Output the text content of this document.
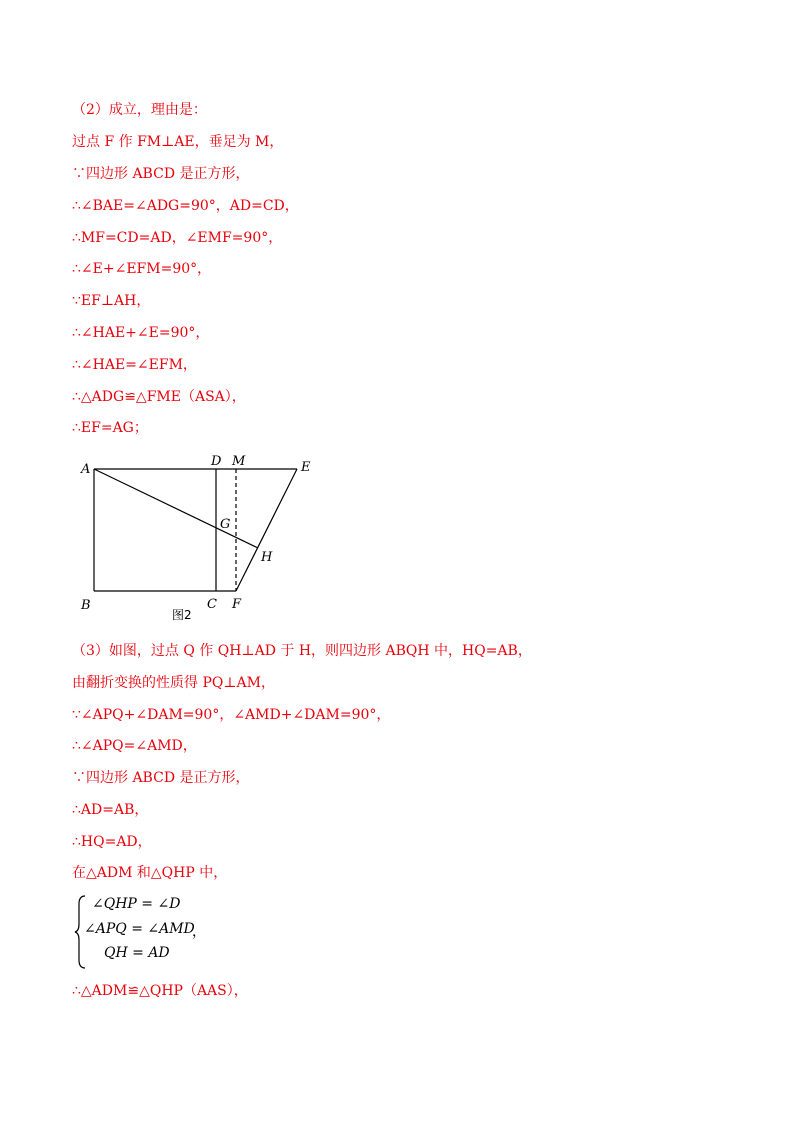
（2）成立，理由是：
过点 F 作 FM⊥AE，垂足为 M，
∵四边形 ABCD 是正方形，
∴∠BAE=∠ADG=90°，AD=CD，
∴MF=CD=AD，∠EMF=90°，
∴∠E+∠EFM=90°，
∵EF⊥AH，
∴∠HAE+∠E=90°，
∴∠HAE=∠EFM，
∴△ADG≌△FME（ASA），
∴EF=AG；
A
D M	E
G
H
B	C F
图2
（3）如图，过点 Q 作 QH⊥AD 于 H，则四边形 ABQH 中，HQ=AB，
由翻折变换的性质得 PQ⊥AM，
∵∠APQ+∠DAM=90°，∠AMD+∠DAM=90°，
∴∠APQ=∠AMD，
∵四边形 ABCD 是正方形，
∴AD=AB，
∴HQ=AD，
在△ADM 和△QHP 中，
∠QHP = ∠D
∠APQ = ∠AMD
QH = AD
，
∴△ADM≌△QHP（AAS），
